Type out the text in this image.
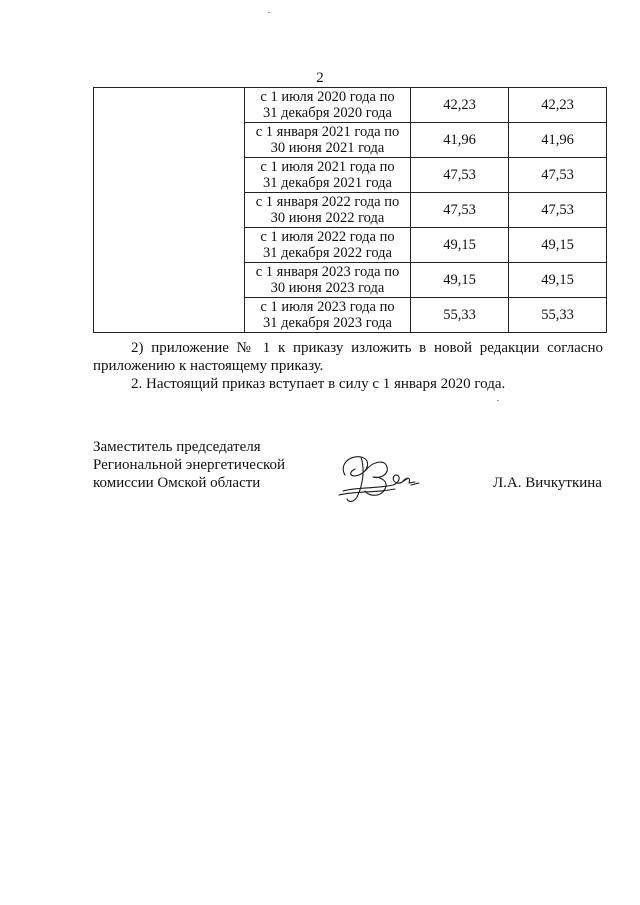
2

	с 1 июля 2020 года по
31 декабря 2020 года	42,23	42,23

	с 1 января 2021 года по
30 июня 2021 года	41,96	41,96

	с 1 июля 2021 года по
31 декабря 2021 года	47,53	47,53

	с 1 января 2022 года по
30 июня 2022 года	47,53	47,53

	с 1 июля 2022 года по
31 декабря 2022 года	49,15	49,15

	с 1 января 2023 года по
30 июня 2023 года	49,15	49,15

	с 1 июля 2023 года по
31 декабря 2023 года	55,33	55,33

2) приложение № 1 к приказу изложить в новой редакции согласно приложению к настоящему приказу.

2. Настоящий приказ вступает в силу с 1 января 2020 года.

Заместитель председателя
Региональной энергетической
комиссии Омской области	Л.А. Вичкуткина
